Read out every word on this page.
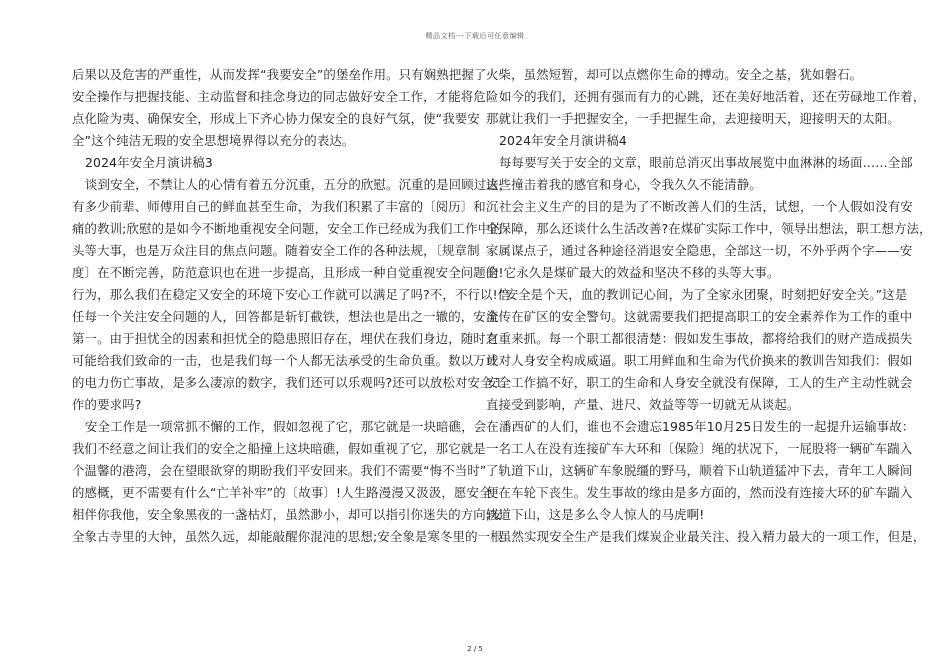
精品文档---下载后可任意编辑
后果以及危害的严重性，从而发挥“我要安全”的堡垒作用。只有娴熟把握了
安全操作与把握技能、主动监督和挂念身边的同志做好安全工作，才能将危险
点化险为夷、确保安全，形成上下齐心协力保安全的良好气氛，使“我要安
全”这个纯洁无瑕的安全思想境界得以充分的表达。
2024年安全月演讲稿3
谈到安全，不禁让人的心情有着五分沉重，五分的欣慰。沉重的是回顾过去，
有多少前辈、师傅用自己的鲜血甚至生命，为我们积累了丰富的〔阅历〕和沉
痛的教训;欣慰的是如今不断地重视安全问题，安全工作已经成为我们工作中的
头等大事，也是万众注目的焦点问题。随着安全工作的各种法规，〔规章制
度〕在不断完善，防范意识也在进一步提高，且形成一种自觉重视安全问题的
行为，那么我们在稳定又安全的环境下安心工作就可以满足了吗?不，不行以!信
任每一个关注安全问题的人，回答都是斩钉截铁，想法也是出之一辙的，安全
第一。由于担忧全的因素和担忧全的隐患照旧存在，埋伏在我们身边，随时有
可能给我们致命的一击，也是我们每一个人都无法承受的生命负重。数以万计
的电力伤亡事故，是多么凄凉的数字，我们还可以乐观吗?还可以放松对安全工
作的要求吗?
安全工作是一项常抓不懈的工作，假如忽视了它，那它就是一块暗礁，会在
我们不经意之间让我们的安全之船撞上这块暗礁，假如重视了它，那它就是一
个温馨的港湾，会在望眼欲穿的期盼我们平安回来。我们不需要“悔不当时”
的感概，更不需要有什么“亡羊补牢”的〔故事〕!人生路漫漫又汲汲，愿安全
相伴你我他，安全象黑夜的一盏枯灯，虽然渺小，却可以指引你迷失的方向;安
全象古寺里的大钟，虽然久远，却能敲醒你混沌的思想;安全象是寒冬里的一根
火柴，虽然短暂，却可以点燃你生命的搏动。安全之基，犹如磐石。
如今的我们，还拥有强而有力的心跳，还在美好地活着，还在劳碌地工作着，
那就让我们一手把握安全，一手把握生命，去迎接明天，迎接明天的太阳。
2024年安全月演讲稿4
每每要写关于安全的文章，眼前总消灭出事故展览中血淋淋的场面……全部
这些撞击着我的感官和身心，令我久久不能清静。
社会主义生产的目的是为了不断改善人们的生活，试想，一个人假如没有安
全保障，那么还谈什么生活改善?在煤矿实际工作中，领导出想法，职工想方法，
家属谋点子，通过各种途径消退安全隐患，全部这一切，不外乎两个字——安
全!它永久是煤矿最大的效益和坚决不移的头等大事。
“安全是个天，血的教训记心间，为了全家永团聚，时刻把好安全关。”这是
流传在矿区的安全警句。这就需要我们把提高职工的安全素养作为工作的重中
之重来抓。每一个职工都很清楚：假如发生事故，都将给我们的财产造成损失
或对人身安全构成威逼。职工用鲜血和生命为代价换来的教训告知我们：假如
安全工作搞不好，职工的生命和人身安全就没有保障，工人的生产主动性就会
直接受到影响，产量、进尺、效益等等一切就无从谈起。
潘西矿的人们，谁也不会遗忘1985年10月25日发生的一起提升运输事故：
一名工人在没有连接矿车大环和〔保险〕绳的状况下，一屁股将一辆矿车踹入
了轨道下山，这辆矿车象脱缰的野马，顺着下山轨道猛冲下去，青年工人瞬间
便在车轮下丧生。发生事故的缘由是多方面的，然而没有连接大环的矿车踹入
轨道下山，这是多么令人惊人的马虎啊!
虽然实现安全生产是我们煤炭企业最关注、投入精力最大的一项工作，但是，
2 / 5
